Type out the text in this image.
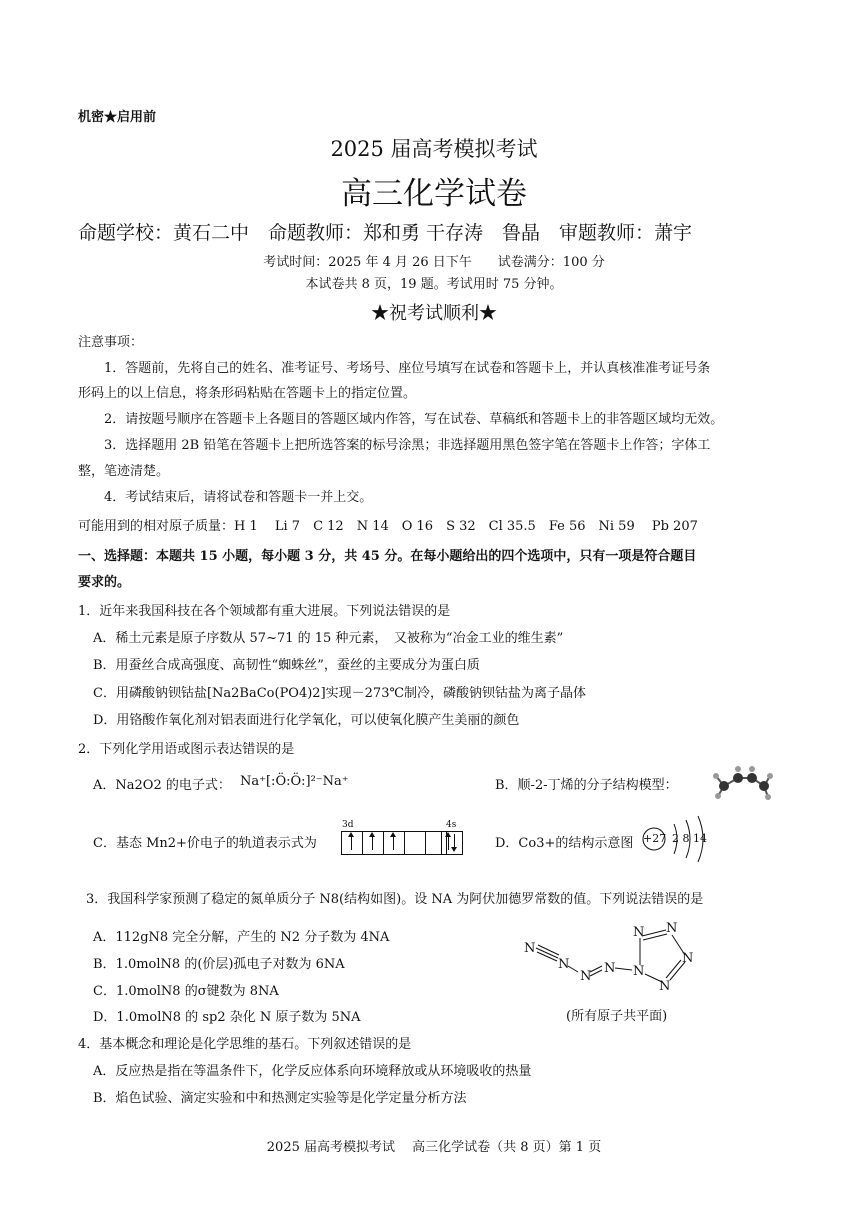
机密★启用前
2025 届高考模拟考试
高三化学试卷
命题学校：黄石二中　命题教师：郑和勇 干存涛　鲁晶　审题教师：萧宇
考试时间：2025 年 4 月 26 日下午　　试卷满分：100 分
本试卷共 8 页，19 题。考试用时 75 分钟。
★祝考试顺利★
注意事项：
1．答题前，先将自己的姓名、准考证号、考场号、座位号填写在试卷和答题卡上，并认真核准准考证号条
形码上的以上信息，将条形码粘贴在答题卡上的指定位置。
2．请按题号顺序在答题卡上各题目的答题区域内作答，写在试卷、草稿纸和答题卡上的非答题区域均无效。
3．选择题用 2B 铅笔在答题卡上把所选答案的标号涂黑；非选择题用黑色签字笔在答题卡上作答；字体工
整，笔迹清楚。
4．考试结束后，请将试卷和答题卡一并上交。
可能用到的相对原子质量：H 1　 Li 7　C 12　N 14　O 16　S 32　Cl 35.5　Fe 56　Ni 59　 Pb 207
一、选择题：本题共 15 小题，每小题 3 分，共 45 分。在每小题给出的四个选项中，只有一项是符合题目
要求的。
1．近年来我国科技在各个领域都有重大进展。下列说法错误的是
A．稀土元素是原子序数从 57~71 的 15 种元素，　又被称为“冶金工业的维生素”
B．用蚕丝合成高强度、高韧性“蜘蛛丝”，蚕丝的主要成分为蛋白质
C．用磷酸钠钡钴盐[Na2BaCo(PO4)2]实现－273℃制冷，磷酸钠钡钴盐为离子晶体
D．用铬酸作氧化剂对铝表面进行化学氧化，可以使氧化膜产生美丽的颜色
2．下列化学用语或图示表达错误的是
A．Na2O2 的电子式： Na⁺[:Ö:Ö:]²⁻Na⁺	B．顺-2-丁烯的分子结构模型：
C．基态 Mn2+价电子的轨道表示式为
3d	4s
D．Co3+的结构示意图 +27 2 8 14
3．我国科学家预测了稳定的氮单质分子 N8(结构如图)。设 NA 为阿伏加德罗常数的值。下列说法错误的是
A．112gN8 完全分解，产生的 N2 分子数为 4NA
B．1.0molN8 的(价层)孤电子对数为 6NA
C．1.0molN8 的σ键数为 8NA
D．1.0molN8 的 sp2 杂化 N 原子数为 5NA
N
N
N
N N
N N
N
N
(所有原子共平面)
4．基本概念和理论是化学思维的基石。下列叙述错误的是
A．反应热是指在等温条件下，化学反应体系向环境释放或从环境吸收的热量
B．焰色试验、滴定实验和中和热测定实验等是化学定量分析方法
2025 届高考模拟考试　 高三化学试卷（共 8 页）第 1 页
